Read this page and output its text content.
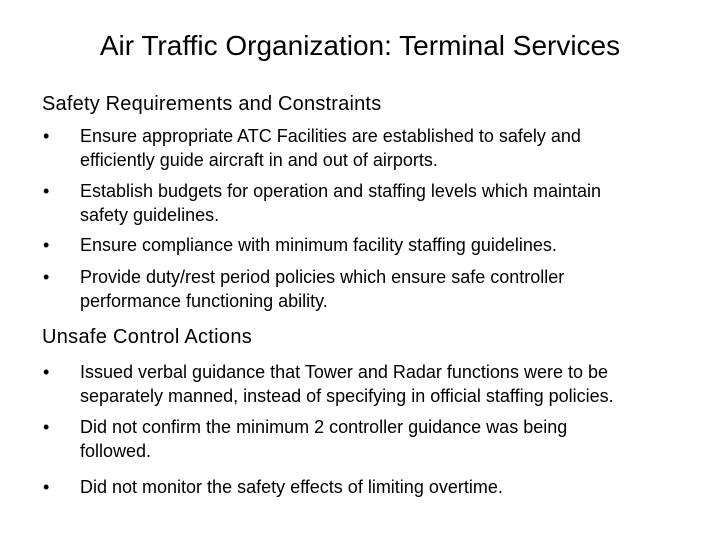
Air Traffic Organization: Terminal Services
Safety Requirements and Constraints
• Ensure appropriate ATC Facilities are established to safely and
efficiently guide aircraft in and out of airports.
• Establish budgets for operation and staffing levels which maintain
safety guidelines.
• Ensure compliance with minimum facility staffing guidelines.
• Provide duty/rest period policies which ensure safe controller
performance functioning ability.
Unsafe Control Actions
• Issued verbal guidance that Tower and Radar functions were to be
separately manned, instead of specifying in official staffing policies.
• Did not confirm the minimum 2 controller guidance was being
followed.
• Did not monitor the safety effects of limiting overtime.
